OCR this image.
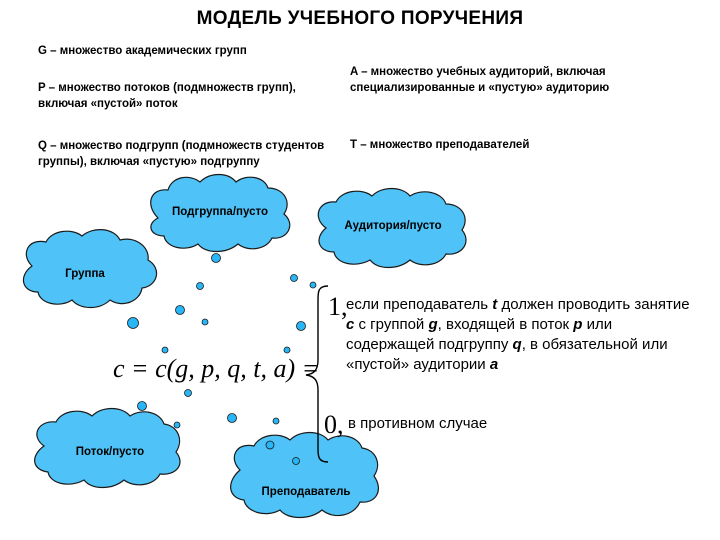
МОДЕЛЬ УЧЕБНОГО ПОРУЧЕНИЯ
G – множество академических групп
P – множество потоков (подмножеств групп), включая «пустой» поток
Q – множество подгрупп (подмножеств студентов группы), включая «пустую» подгруппу
A – множество учебных аудиторий, включая специализированные и «пустую» аудиторию
T – множество преподавателей
Подгруппа/пусто
Аудитория/пусто
Группа
Поток/пусто
Преподаватель
c = c(g, p, q, t, a) =
1,
если преподаватель t должен проводить занятие c с группой g, входящей в поток p или содержащей подгруппу q, в обязательной или «пустой» аудитории a
0, в противном случае
